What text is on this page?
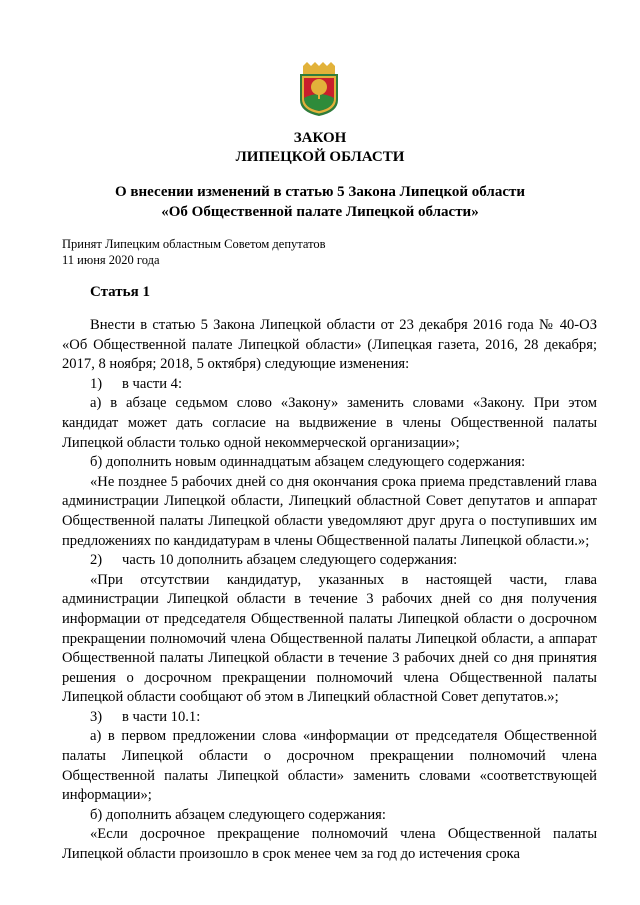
ЗАКОН
ЛИПЕЦКОЙ ОБЛАСТИ
О внесении изменений в статью 5 Закона Липецкой области
«Об Общественной палате Липецкой области»
Принят Липецким областным Советом депутатов
11 июня 2020 года
Статья 1

Внести в статью 5 Закона Липецкой области от 23 декабря 2016 года № 40-ОЗ «Об Общественной палате Липецкой области» (Липецкая газета, 2016, 28 декабря; 2017, 8 ноября; 2018, 5 октября) следующие изменения:

1) в части 4:

а) в абзаце седьмом слово «Закону» заменить словами «Закону. При этом кандидат может дать согласие на выдвижение в члены Общественной палаты Липецкой области только одной некоммерческой организации»;

б) дополнить новым одиннадцатым абзацем следующего содержания:

«Не позднее 5 рабочих дней со дня окончания срока приема представлений глава администрации Липецкой области, Липецкий областной Совет депутатов и аппарат Общественной палаты Липецкой области уведомляют друг друга о поступивших им предложениях по кандидатурам в члены Общественной палаты Липецкой области.»;

2) часть 10 дополнить абзацем следующего содержания:

«При отсутствии кандидатур, указанных в настоящей части, глава администрации Липецкой области в течение 3 рабочих дней со дня получения информации от председателя Общественной палаты Липецкой области о досрочном прекращении полномочий члена Общественной палаты Липецкой области, а аппарат Общественной палаты Липецкой области в течение 3 рабочих дней со дня принятия решения о досрочном прекращении полномочий члена Общественной палаты Липецкой области сообщают об этом в Липецкий областной Совет депутатов.»;

3) в части 10.1:

а) в первом предложении слова «информации от председателя Общественной палаты Липецкой области о досрочном прекращении полномочий члена Общественной палаты Липецкой области» заменить словами «соответствующей информации»;

б) дополнить абзацем следующего содержания:

«Если досрочное прекращение полномочий члена Общественной палаты Липецкой области произошло в срок менее чем за год до истечения срока
